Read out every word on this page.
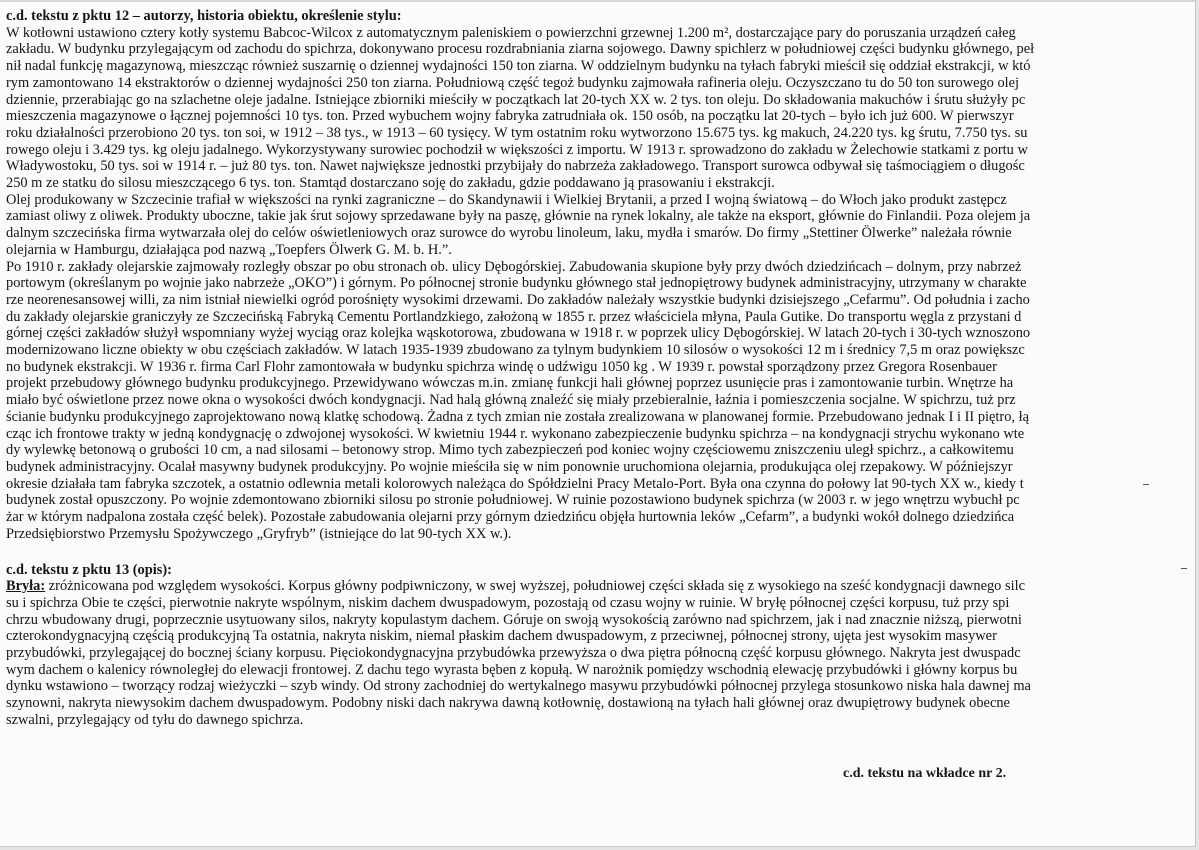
c.d. tekstu z pktu 12 – autorzy, historia obiektu, określenie stylu:

W kotłowni ustawiono cztery kotły systemu Babcoc-Wilcox z automatycznym paleniskiem o powierzchni grzewnej 1.200 m², dostarczające pary do poruszania urządzeń całeg

zakładu. W budynku przylegającym od zachodu do spichrza, dokonywano procesu rozdrabniania ziarna sojowego. Dawny spichlerz w południowej części budynku głównego, peł

nił nadal funkcję magazynową, mieszcząc również suszarnię o dziennej wydajności 150 ton ziarna. W oddzielnym budynku na tyłach fabryki mieścił się oddział ekstrakcji, w któ

rym zamontowano 14 ekstraktorów o dziennej wydajności 250 ton ziarna. Południową część tegoż budynku zajmowała rafineria oleju. Oczyszczano tu do 50 ton surowego olej

dziennie, przerabiając go na szlachetne oleje jadalne. Istniejące zbiorniki mieściły w początkach lat 20-tych XX w. 2 tys. ton oleju. Do składowania makuchów i śrutu służyły pc

mieszczenia magazynowe o łącznej pojemności 10 tys. ton. Przed wybuchem wojny fabryka zatrudniała ok. 150 osób, na początku lat 20-tych – było ich już 600. W pierwszyr

roku działalności przerobiono 20 tys. ton soi, w 1912 – 38 tys., w 1913 – 60 tysięcy. W tym ostatnim roku wytworzono 15.675 tys. kg makuch, 24.220 tys. kg śrutu, 7.750 tys. su

rowego oleju i 3.429 tys. kg oleju jadalnego. Wykorzystywany surowiec pochodził w większości z importu. W 1913 r. sprowadzono do zakładu w Żelechowie statkami z portu w

Władywostoku, 50 tys. soi w 1914 r. – już 80 tys. ton. Nawet największe jednostki przybijały do nabrzeża zakładowego. Transport surowca odbywał się taśmociągiem o długośc

250 m ze statku do silosu mieszczącego 6 tys. ton. Stamtąd dostarczano soję do zakładu, gdzie poddawano ją prasowaniu i ekstrakcji.

Olej produkowany w Szczecinie trafiał w większości na rynki zagraniczne – do Skandynawii i Wielkiej Brytanii, a przed I wojną światową – do Włoch jako produkt zastępcz

zamiast oliwy z oliwek. Produkty uboczne, takie jak śrut sojowy sprzedawane były na paszę, głównie na rynek lokalny, ale także na eksport, głównie do Finlandii. Poza olejem ja

dalnym szczecińska firma wytwarzała olej do celów oświetleniowych oraz surowce do wyrobu linoleum, laku, mydła i smarów. Do firmy „Stettiner Ölwerke” należała równie

olejarnia w Hamburgu, działająca pod nazwą „Toepfers Ölwerk G. M. b. H.”.

Po 1910 r. zakłady olejarskie zajmowały rozległy obszar po obu stronach ob. ulicy Dębogórskiej. Zabudowania skupione były przy dwóch dziedzińcach – dolnym, przy nabrzeż

portowym (określanym po wojnie jako nabrzeże „OKO”) i górnym. Po północnej stronie budynku głównego stał jednopiętrowy budynek administracyjny, utrzymany w charakte

rze neorenesansowej willi, za nim istniał niewielki ogród porośnięty wysokimi drzewami. Do zakładów należały wszystkie budynki dzisiejszego „Cefarmu”. Od południa i zacho

du zakłady olejarskie graniczyły ze Szczecińską Fabryką Cementu Portlandzkiego, założoną w 1855 r. przez właściciela młyna, Paula Gutike. Do transportu węgla z przystani d

górnej części zakładów służył wspomniany wyżej wyciąg oraz kolejka wąskotorowa, zbudowana w 1918 r. w poprzek ulicy Dębogórskiej. W latach 20-tych i 30-tych wznoszono

modernizowano liczne obiekty w obu częściach zakładów. W latach 1935-1939 zbudowano za tylnym budynkiem 10 silosów o wysokości 12 m i średnicy 7,5 m oraz powiększc

no budynek ekstrakcji. W 1936 r. firma Carl Flohr zamontowała w budynku spichrza windę o udźwigu 1050 kg . W 1939 r. powstał sporządzony przez Gregora Rosenbauer

projekt przebudowy głównego budynku produkcyjnego. Przewidywano wówczas m.in. zmianę funkcji hali głównej poprzez usunięcie pras i zamontowanie turbin. Wnętrze ha

miało być oświetlone przez nowe okna o wysokości dwóch kondygnacji. Nad halą główną znaleźć się miały przebieralnie, łaźnia i pomieszczenia socjalne. W spichrzu, tuż prz

ścianie budynku produkcyjnego zaprojektowano nową klatkę schodową. Żadna z tych zmian nie została zrealizowana w planowanej formie. Przebudowano jednak I i II piętro, łą

cząc ich frontowe trakty w jedną kondygnację o zdwojonej wysokości. W kwietniu 1944 r. wykonano zabezpieczenie budynku spichrza – na kondygnacji strychu wykonano wte

dy wylewkę betonową o grubości 10 cm, a nad silosami – betonowy strop. Mimo tych zabezpieczeń pod koniec wojny częściowemu zniszczeniu uległ spichrz., a całkowitemu

budynek administracyjny. Ocalał masywny budynek produkcyjny. Po wojnie mieściła się w nim ponownie uruchomiona olejarnia, produkująca olej rzepakowy. W późniejszyr

okresie działała tam fabryka szczotek, a ostatnio odlewnia metali kolorowych należąca do Spółdzielni Pracy Metalo-Port. Była ona czynna do połowy lat 90-tych XX w., kiedy t

budynek został opuszczony. Po wojnie zdemontowano zbiorniki silosu po stronie południowej. W ruinie pozostawiono budynek spichrza (w 2003 r. w jego wnętrzu wybuchł pc

żar w którym nadpalona została część belek). Pozostałe zabudowania olejarni przy górnym dziedzińcu objęła hurtownia leków „Cefarm”, a budynki wokół dolnego dziedzińca

Przedsiębiorstwo Przemysłu Spożywczego „Gryfryb” (istniejące do lat 90-tych XX w.).

c.d. tekstu z pktu 13 (opis):

Bryła: zróżnicowana pod względem wysokości. Korpus główny podpiwniczony, w swej wyższej, południowej części składa się z wysokiego na sześć kondygnacji dawnego silc

su i spichrza Obie te części, pierwotnie nakryte wspólnym, niskim dachem dwuspadowym, pozostają od czasu wojny w ruinie. W bryłę północnej części korpusu, tuż przy spi

chrzu wbudowany drugi, poprzecznie usytuowany silos, nakryty kopulastym dachem. Góruje on swoją wysokością zarówno nad spichrzem, jak i nad znacznie niższą, pierwotni

czterokondygnacyjną częścią produkcyjną Ta ostatnia, nakryta niskim, niemal płaskim dachem dwuspadowym, z przeciwnej, północnej strony, ujęta jest wysokim masywer

przybudówki, przylegającej do bocznej ściany korpusu. Pięciokondygnacyjna przybudówka przewyższa o dwa piętra północną część korpusu głównego. Nakryta jest dwuspadc

wym dachem o kalenicy równoległej do elewacji frontowej. Z dachu tego wyrasta bęben z kopułą. W narożnik pomiędzy wschodnią elewację przybudówki i główny korpus bu

dynku wstawiono – tworzący rodzaj wieżyczki – szyb windy. Od strony zachodniej do wertykalnego masywu przybudówki północnej przylega stosunkowo niska hala dawnej ma

szynowni, nakryta niewysokim dachem dwuspadowym. Podobny niski dach nakrywa dawną kotłownię, dostawioną na tyłach hali głównej oraz dwupiętrowy budynek obecne

szwalni, przylegający od tyłu do dawnego spichrza.

c.d. tekstu na wkładce nr 2.
